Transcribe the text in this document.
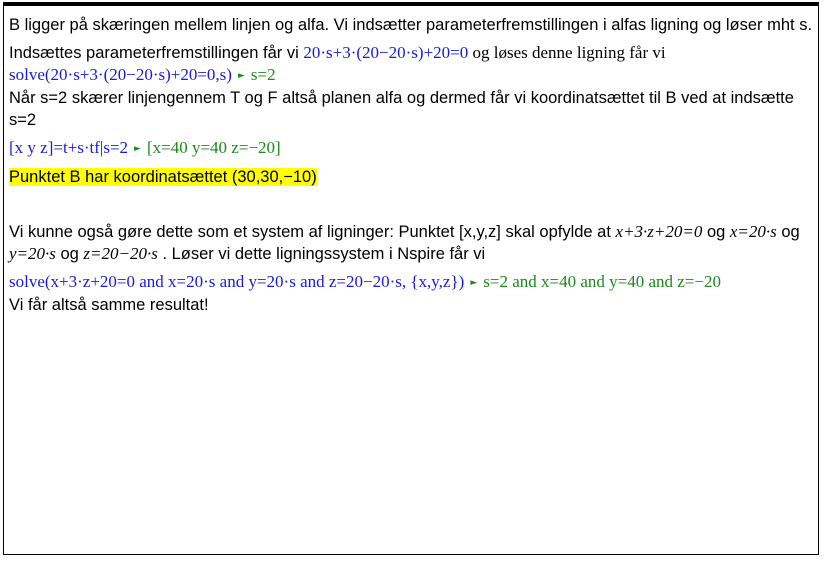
B ligger på skæringen mellem linjen og alfa. Vi indsætter parameterfremstillingen i alfas ligning og løser mht s.

Indsættes parameterfremstillingen får vi 20·s+3·(20−20·s)+20=0 og løses denne ligning får vi

solve(20·s+3·(20−20·s)+20=0,s) ► s=2

Når s=2 skærer linjengennem T og F altså planen alfa og dermed får vi koordinatsættet til B ved at indsætte s=2

[x y z]=t+s·tf|s=2 ► [x=40 y=40 z=−20]

Punktet B har koordinatsættet (30,30,−10)

Vi kunne også gøre dette som et system af ligninger: Punktet [x,y,z] skal opfylde at x+3·z+20=0 og x=20·s og y=20·s og z=20−20·s . Løser vi dette ligningssystem i Nspire får vi

solve(x+3·z+20=0 and x=20·s and y=20·s and z=20−20·s, {x,y,z}) ► s=2 and x=40 and y=40 and z=−20

Vi får altså samme resultat!
